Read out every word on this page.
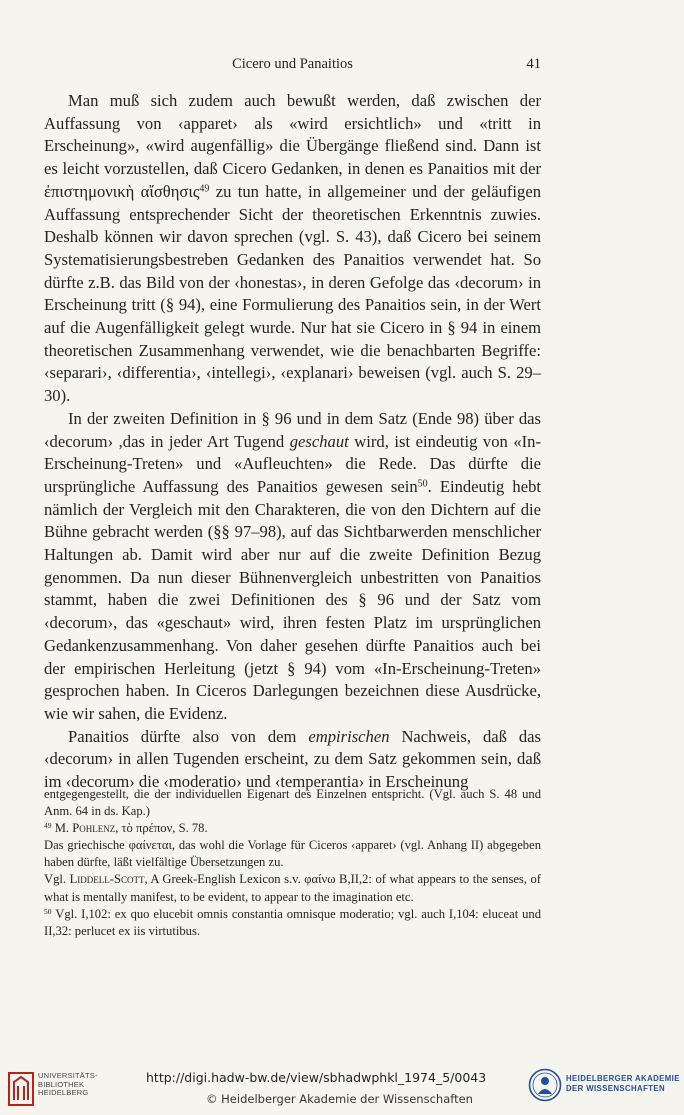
Cicero und Panaitios	41

Man muß sich zudem auch bewußt werden, daß zwischen der Auffassung von ‹apparet› als «wird ersichtlich» und «tritt in Erscheinung», «wird augenfällig» die Übergänge fließend sind. Dann ist es leicht vorzustellen, daß Cicero Gedanken, in denen es Panaitios mit der ἐπιστημονικὴ αἴσθησις$^{49}$ zu tun hatte, in allgemeiner und der geläufigen Auffassung entsprechender Sicht der theoretischen Erkenntnis zuwies. Deshalb können wir davon sprechen (vgl. S. 43), daß Cicero bei seinem Systematisierungsbestreben Gedanken des Panaitios verwendet hat. So dürfte z.B. das Bild von der ‹honestas›, in deren Gefolge das ‹decorum› in Erscheinung tritt (§ 94), eine Formulierung des Panaitios sein, in der Wert auf die Augenfälligkeit gelegt wurde. Nur hat sie Cicero in § 94 in einem theoretischen Zusammenhang verwendet, wie die benachbarten Begriffe: ‹separari›, ‹differentia›, ‹intellegi›, ‹explanari› beweisen (vgl. auch S. 29–30).

In der zweiten Definition in § 96 und in dem Satz (Ende 98) über das ‹decorum› ,das in jeder Art Tugend geschaut wird, ist eindeutig von «In-Erscheinung-Treten» und «Aufleuchten» die Rede. Das dürfte die ursprüngliche Auffassung des Panaitios gewesen sein$^{50}$. Eindeutig hebt nämlich der Vergleich mit den Charakteren, die von den Dichtern auf die Bühne gebracht werden (§§ 97–98), auf das Sichtbarwerden menschlicher Haltungen ab. Damit wird aber nur auf die zweite Definition Bezug genommen. Da nun dieser Bühnenvergleich unbestritten von Panaitios stammt, haben die zwei Definitionen des § 96 und der Satz vom ‹decorum›, das «geschaut» wird, ihren festen Platz im ursprünglichen Gedankenzusammenhang. Von daher gesehen dürfte Panaitios auch bei der empirischen Herleitung (jetzt § 94) vom «In-Erscheinung-Treten» gesprochen haben. In Ciceros Darlegungen bezeichnen diese Ausdrücke, wie wir sahen, die Evidenz.

Panaitios dürfte also von dem empirischen Nachweis, daß das ‹decorum› in allen Tugenden erscheint, zu dem Satz gekommen sein, daß im ‹decorum› die ‹moderatio› und ‹temperantia› in Erscheinung

entgegengestellt, die der individuellen Eigenart des Einzelnen entspricht. (Vgl. auch S. 48 und Anm. 64 in ds. Kap.)

$^{49}$ M. Pohlenz, τὸ πρέπον, S. 78.

Das griechische φαίνεται, das wohl die Vorlage für Ciceros ‹apparet› (vgl. Anhang II) abgegeben haben dürfte, läßt vielfältige Übersetzungen zu.

Vgl. Liddell-Scott, A Greek-English Lexicon s.v. φαίνω B,II,2: of what appears to the senses, of what is mentally manifest, to be evident, to appear to the imagination etc.

$^{50}$ Vgl. I,102: ex quo elucebit omnis constantia omnisque moderatio; vgl. auch I,104: eluceat und II,32: perlucet ex iis virtutibus.

UNIVERSITÄTS-
BIBLIOTHEK
HEIDELBERG
http://digi.hadw-bw.de/view/sbhadwphkl_1974_5/0043
© Heidelberger Akademie der Wissenschaften
HEIDELBERGER AKADEMIE
DER WISSENSCHAFTEN
